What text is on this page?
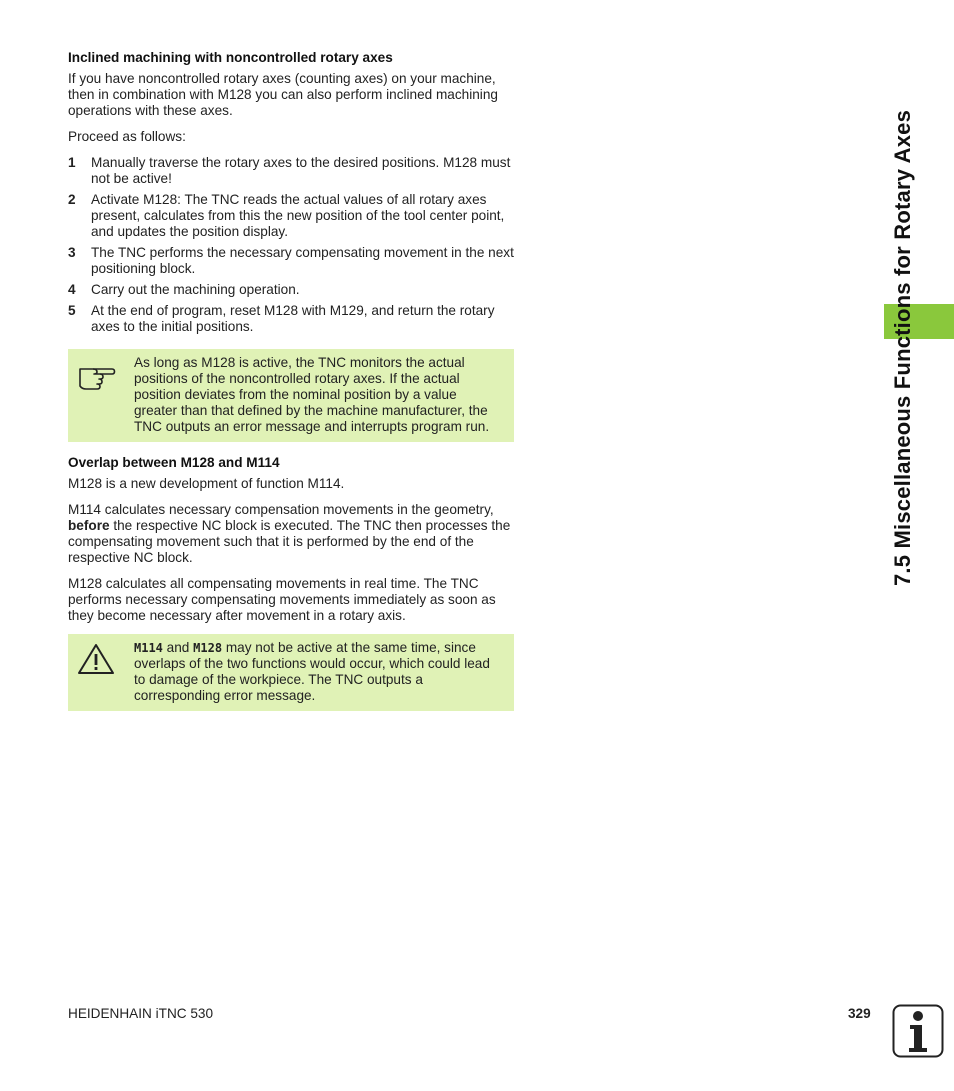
Inclined machining with noncontrolled rotary axes

If you have noncontrolled rotary axes (counting axes) on your machine, then in combination with M128 you can also perform inclined machining operations with these axes.

Proceed as follows:

1 Manually traverse the rotary axes to the desired positions. M128 must not be active!
2 Activate M128: The TNC reads the actual values of all rotary axes present, calculates from this the new position of the tool center point, and updates the position display.
3 The TNC performs the necessary compensating movement in the next positioning block.
4 Carry out the machining operation.
5 At the end of program, reset M128 with M129, and return the rotary axes to the initial positions.

As long as M128 is active, the TNC monitors the actual positions of the noncontrolled rotary axes. If the actual position deviates from the nominal position by a value greater than that defined by the machine manufacturer, the TNC outputs an error message and interrupts program run.

Overlap between M128 and M114

M128 is a new development of function M114.

M114 calculates necessary compensation movements in the geometry, before the respective NC block is executed. The TNC then processes the compensating movement such that it is performed by the end of the respective NC block.

M128 calculates all compensating movements in real time. The TNC performs necessary compensating movements immediately as soon as they become necessary after movement in a rotary axis.

M114 and M128 may not be active at the same time, since overlaps of the two functions would occur, which could lead to damage of the workpiece. The TNC outputs a corresponding error message.

7.5 Miscellaneous Functions for Rotary Axes
HEIDENHAIN iTNC 530	329
